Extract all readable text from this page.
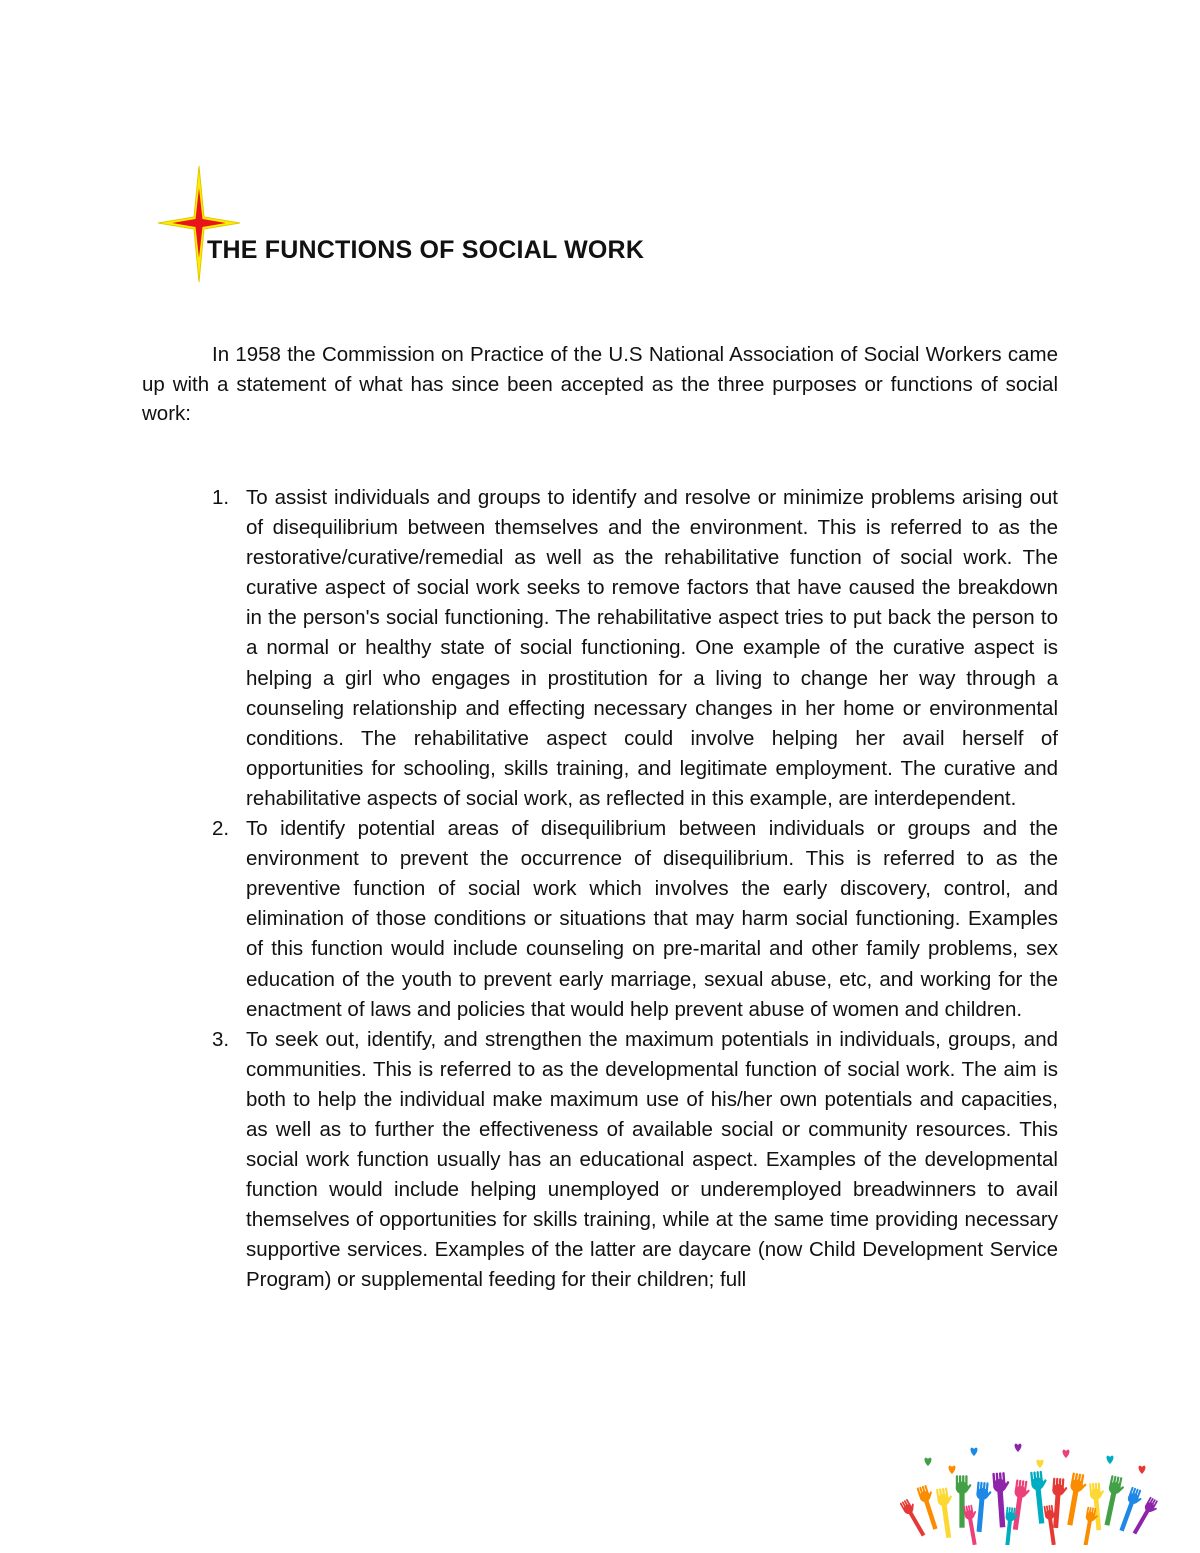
THE FUNCTIONS OF SOCIAL WORK

In 1958 the Commission on Practice of the U.S National Association of Social Workers came up with a statement of what has since been accepted as the three purposes or functions of social work:

1. To assist individuals and groups to identify and resolve or minimize problems arising out of disequilibrium between themselves and the environment. This is referred to as the restorative/curative/remedial as well as the rehabilitative function of social work. The curative aspect of social work seeks to remove factors that have caused the breakdown in the person's social functioning. The rehabilitative aspect tries to put back the person to a normal or healthy state of social functioning. One example of the curative aspect is helping a girl who engages in prostitution for a living to change her way through a counseling relationship and effecting necessary changes in her home or environmental conditions. The rehabilitative aspect could involve helping her avail herself of opportunities for schooling, skills training, and legitimate employment. The curative and rehabilitative aspects of social work, as reflected in this example, are interdependent.

2. To identify potential areas of disequilibrium between individuals or groups and the environment to prevent the occurrence of disequilibrium. This is referred to as the preventive function of social work which involves the early discovery, control, and elimination of those conditions or situations that may harm social functioning. Examples of this function would include counseling on pre-marital and other family problems, sex education of the youth to prevent early marriage, sexual abuse, etc, and working for the enactment of laws and policies that would help prevent abuse of women and children.

3. To seek out, identify, and strengthen the maximum potentials in individuals, groups, and communities. This is referred to as the developmental function of social work. The aim is both to help the individual make maximum use of his/her own potentials and capacities, as well as to further the effectiveness of available social or community resources. This social work function usually has an educational aspect. Examples of the developmental function would include helping unemployed or underemployed breadwinners to avail themselves of opportunities for skills training, while at the same time providing necessary supportive services. Examples of the latter are daycare (now Child Development Service Program) or supplemental feeding for their children; full
